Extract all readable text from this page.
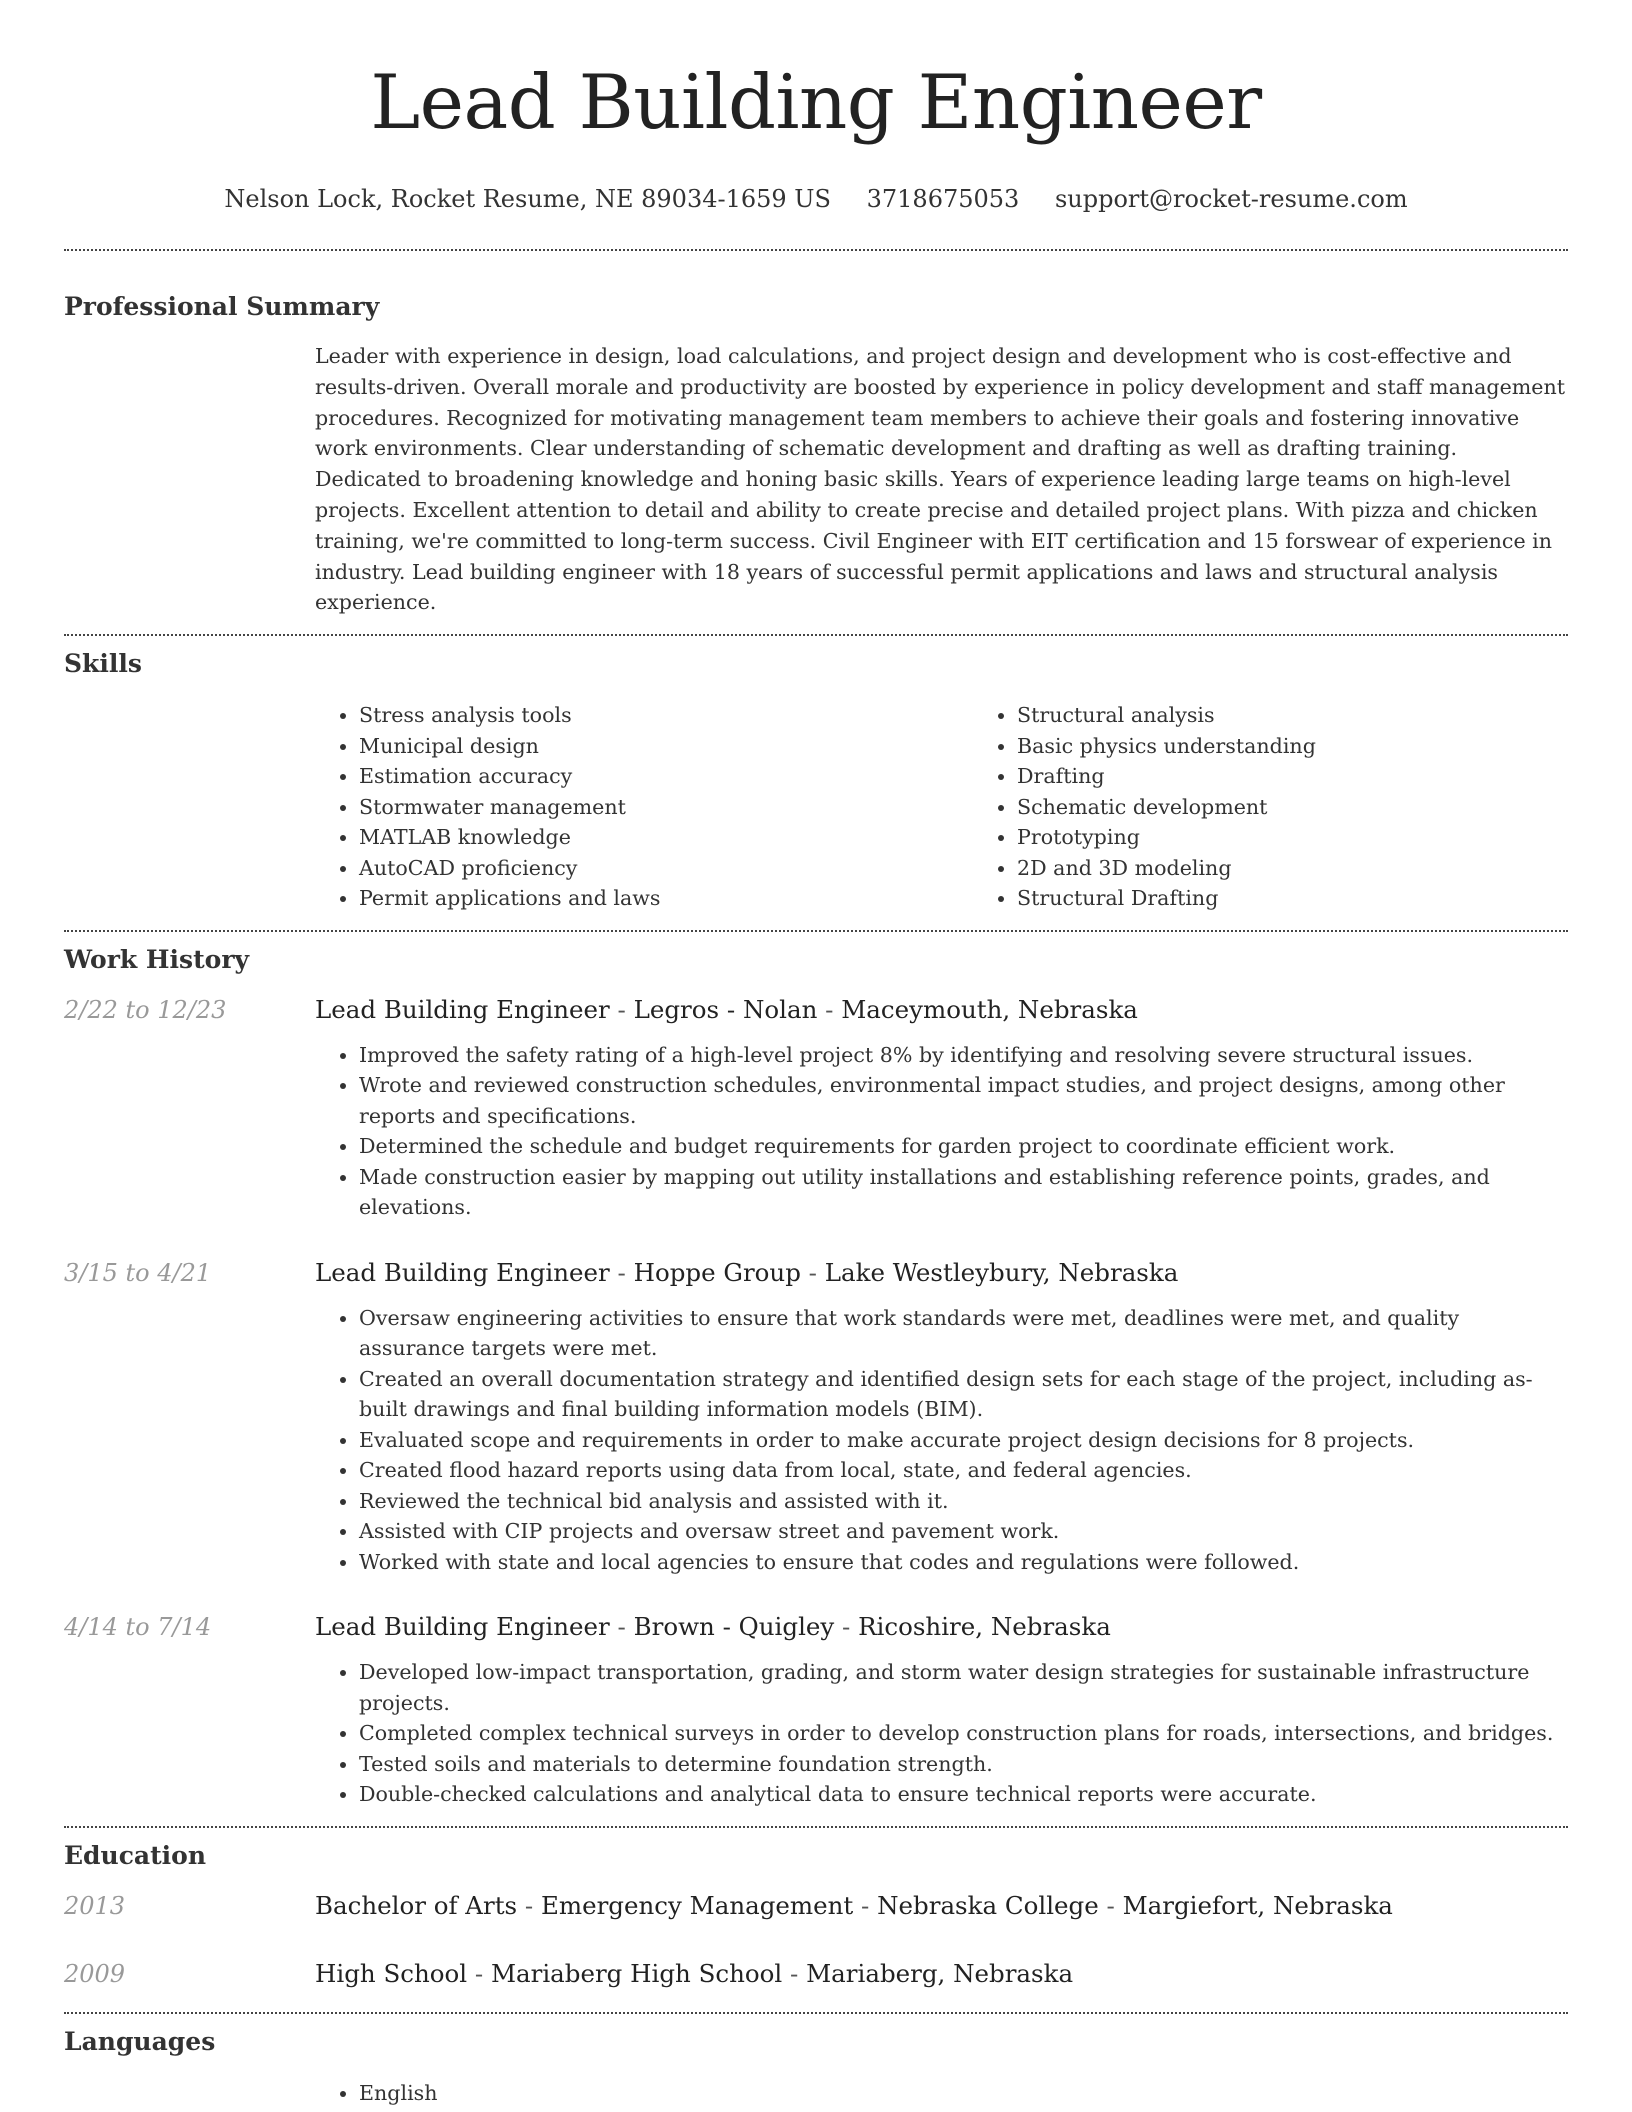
Lead Building Engineer
Nelson Lock, Rocket Resume, NE 89034-1659 US 3718675053 support@rocket-resume.com
Professional Summary

Leader with experience in design, load calculations, and project design and development who is cost-effective and results-driven. Overall morale and productivity are boosted by experience in policy development and staff management procedures. Recognized for motivating management team members to achieve their goals and fostering innovative work environments. Clear understanding of schematic development and drafting as well as drafting training. Dedicated to broadening knowledge and honing basic skills. Years of experience leading large teams on high-level projects. Excellent attention to detail and ability to create precise and detailed project plans. With pizza and chicken training, we're committed to long-term success. Civil Engineer with EIT certification and 15 forswear of experience in industry. Lead building engineer with 18 years of successful permit applications and laws and structural analysis experience.

Skills
• Stress analysis tools
• Municipal design
• Estimation accuracy
• Stormwater management
• MATLAB knowledge
• AutoCAD proficiency
• Permit applications and laws
• Structural analysis
• Basic physics understanding
• Drafting
• Schematic development
• Prototyping
• 2D and 3D modeling
• Structural Drafting
Work History
2/22 to 12/23	Lead Building Engineer - Legros - Nolan - Maceymouth, Nebraska
• Improved the safety rating of a high-level project 8% by identifying and resolving severe structural issues.
• Wrote and reviewed construction schedules, environmental impact studies, and project designs, among other reports and specifications.
• Determined the schedule and budget requirements for garden project to coordinate efficient work.
• Made construction easier by mapping out utility installations and establishing reference points, grades, and elevations.
3/15 to 4/21	Lead Building Engineer - Hoppe Group - Lake Westleybury, Nebraska
• Oversaw engineering activities to ensure that work standards were met, deadlines were met, and quality assurance targets were met.
• Created an overall documentation strategy and identified design sets for each stage of the project, including as-built drawings and final building information models (BIM).
• Evaluated scope and requirements in order to make accurate project design decisions for 8 projects.
• Created flood hazard reports using data from local, state, and federal agencies.
• Reviewed the technical bid analysis and assisted with it.
• Assisted with CIP projects and oversaw street and pavement work.
• Worked with state and local agencies to ensure that codes and regulations were followed.
4/14 to 7/14	Lead Building Engineer - Brown - Quigley - Ricoshire, Nebraska
• Developed low-impact transportation, grading, and storm water design strategies for sustainable infrastructure projects.
• Completed complex technical surveys in order to develop construction plans for roads, intersections, and bridges.
• Tested soils and materials to determine foundation strength.
• Double-checked calculations and analytical data to ensure technical reports were accurate.
Education
2013	Bachelor of Arts - Emergency Management - Nebraska College - Margiefort, Nebraska
2009	High School - Mariaberg High School - Mariaberg, Nebraska
Languages
• English
